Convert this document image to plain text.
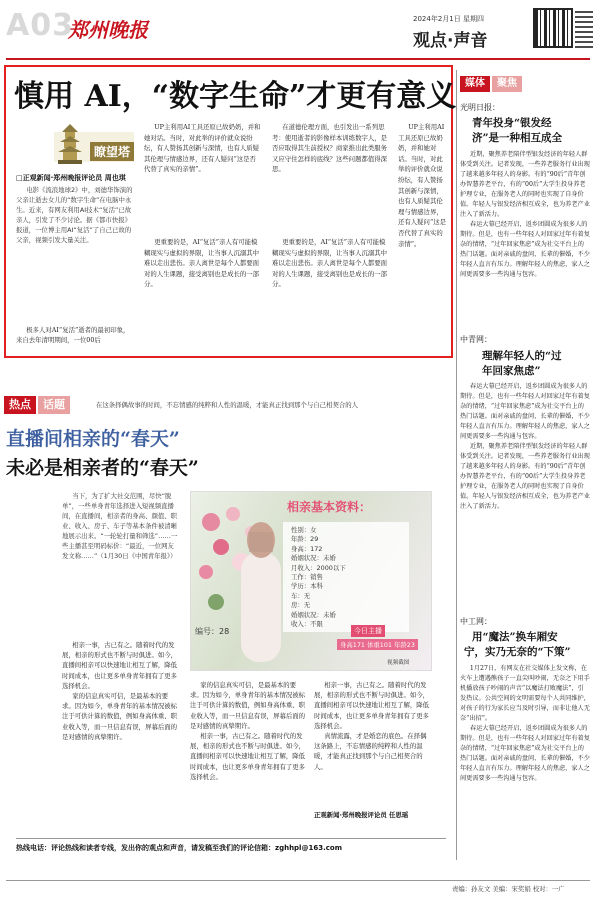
A03
郑州晚报	2024年2月1日 星期四
观点·声音
慎用 AI，“数字生命”才更有意义
瞭望塔
□正观新闻·郑州晚报评论员 周也琪

电影《流浪地球2》中，刘德华饰演的父亲让逝去女儿的“数字生命”在电脑中永生。近来，有网友利用AI技术“复活”已故亲人，引发了不少讨论。据《都市快报》报道，一位博主用AI“复活”了自己已故的父亲，视频引发大量关注。

极多人对AI“复活”逝者的最初印象，来自去年清明期间，一位00后

UP主利用AI工具还原已故奶奶，并和她对话。当时，对此举的评价就众说纷纭，有人赞扬其创新与深情，也有人质疑其伦理与情感边界，还有人疑问“这是否代替了真实的亲情”。

更重要的是，AI“复活”亲人有可能模糊现实与虚拟的界限，让当事人沉溺其中难以走出悲伤。亲人离世是每个人都要面对的人生课题，接受离别也是成长的一部分。

在道德伦理方面，也引发出一系列思考：使用逝者的影像样本训练数字人，是否应取得其生前授权？商家推出此类服务又应守住怎样的底线？这些问题都值得深思。

更重要的是，AI“复活”亲人有可能模糊现实与虚拟的界限，让当事人沉溺其中难以走出悲伤。亲人离世是每个人都要面对的人生课题，接受离别也是成长的一部分。

UP主利用AI工具还原已故奶奶，并和她对话。当时，对此举的评价就众说纷纭，有人赞扬其创新与深情，也有人质疑其伦理与情感边界，还有人疑问“这是否代替了真实的亲情”。

热点	话题	在这条择偶故事的时间，不忘情感的纯粹和人性的温暖，才能真正找到那个与自己相契合的人
直播间相亲的“春天”
未必是相亲者的“春天”

当下，为了扩大社交范围，尽快“脱单”，一些单身青年选择进入短视频直播间，在直播间，相亲者的身高、颜值、职业、收入、房子、车子等基本条件被清晰地展示出来。“一轮轮打量和筛选”……一些主播甚至明码标价：“最近，一位网友发文称……”（1月30日《中国青年报》）

相亲一事，古已有之。随着时代的发展，相亲的形式也不断与时俱进。如今，直播间相亲可以快速地让相互了解，降低时间成本，也让更多单身青年拥有了更多选择机会。

家的信息真实可信，是最基本的要求。因为如今，单身青年的基本情况被标注于可供计算的数值，例如身高体重、职业收入等，而一旦信息有误，屏幕后面的是对感情的真挚期许。

相亲基本资料：
性别：女
年龄：29
身高：172
婚姻状况：未婚
月收入：2000以下
工作：销售
学历：本科
车：无
房：无
婚姻状况：未婚
收入：不限
编号：28	今日主播
身高171 体重101 年龄23
视频截图

家的信息真实可信，是最基本的要求。因为如今，单身青年的基本情况被标注于可供计算的数值，例如身高体重、职业收入等，而一旦信息有误，屏幕后面的是对感情的真挚期许。

相亲一事，古已有之。随着时代的发展，相亲的形式也不断与时俱进。如今，直播间相亲可以快速地让相互了解，降低时间成本，也让更多单身青年拥有了更多选择机会。

相亲一事，古已有之。随着时代的发展，相亲的形式也不断与时俱进。如今，直播间相亲可以快速地让相互了解，降低时间成本，也让更多单身青年拥有了更多选择机会。

真情流露，才是婚恋的底色。在择偶这条路上，不忘情感的纯粹和人性的温暖，才能真正找到那个与自己相契合的人。

正观新闻·郑州晚报评论员 任思瑶
热线电话：评论热线和读者专线，发出你的观点和声音，请发稿至我们的评论信箱：zghhpl@163.com
媒体	聚焦
光明日报：
青年投身“银发经
济”是一种相互成全

近期，聚焦养老陪伴型银发经济的年轻人群体受到关注。记者发现，一些养老服务行业出现了越来越多年轻人的身影。有的“90后”青年创办智慧养老平台，有的“00后”大学生投身养老护理专业，在服务老人的同时也实现了自身价值。年轻人与银发经济相互成全，也为养老产业注入了新活力。

春运大幕已经开启，返乡团圆成为很多人的期待。但是，也有一些年轻人对回家过年有着复杂的情绪，“过年回家焦虑”成为社交平台上的热门话题。面对亲戚的盘问、长辈的催婚，不少年轻人直言有压力。理解年轻人的焦虑，家人之间更需要多一些沟通与包容。

中青网：
理解年轻人的“过
年回家焦虑”

春运大幕已经开启，返乡团圆成为很多人的期待。但是，也有一些年轻人对回家过年有着复杂的情绪，“过年回家焦虑”成为社交平台上的热门话题。面对亲戚的盘问、长辈的催婚，不少年轻人直言有压力。理解年轻人的焦虑，家人之间更需要多一些沟通与包容。

近期，聚焦养老陪伴型银发经济的年轻人群体受到关注。记者发现，一些养老服务行业出现了越来越多年轻人的身影。有的“90后”青年创办智慧养老平台，有的“00后”大学生投身养老护理专业，在服务老人的同时也实现了自身价值。年轻人与银发经济相互成全，也为养老产业注入了新活力。

中工网：
用“魔法”换车厢安
宁，实乃无奈的“下策”

1月27日，有网友在社交媒体上发文称，在火车上遭遇熊孩子一直尖叫吵闹，无奈之下用手机播放孩子吵闹的声音“以魔法打败魔法”，引发热议。公共空间的文明需要每个人共同维护，对孩子的行为家长应当及时引导，而非让他人无奈“出招”。

春运大幕已经开启，返乡团圆成为很多人的期待。但是，也有一些年轻人对回家过年有着复杂的情绪，“过年回家焦虑”成为社交平台上的热门话题。面对亲戚的盘问、长辈的催婚，不少年轻人直言有压力。理解年轻人的焦虑，家人之间更需要多一些沟通与包容。

责编：孙友文 美编：宋奖娟 校对：一广
